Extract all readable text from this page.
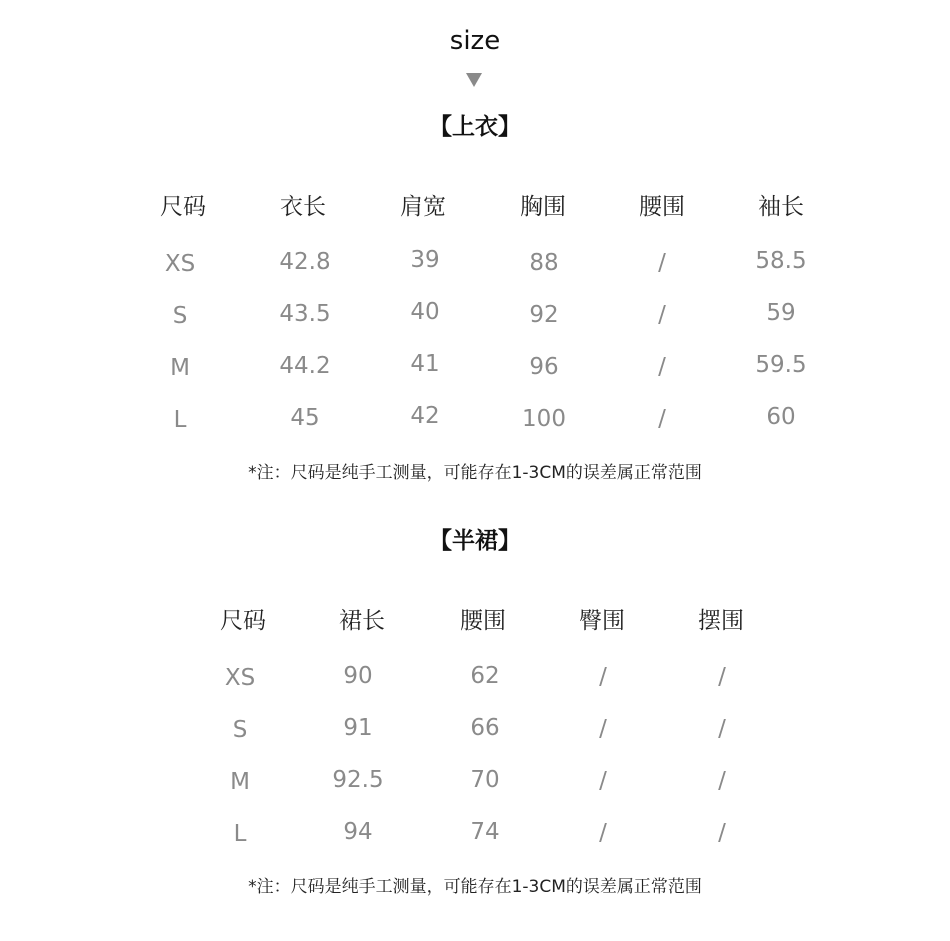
size
【上衣】
尺码	衣长	肩宽	胸围	腰围	袖长
XS	42.8	39	88	/	58.5
S	43.5	40	92	/	59
M	44.2	41	96	/	59.5
L	45	42	100	/	60
*注：尺码是纯手工测量，可能存在1-3CM的误差属正常范围
【半裙】
尺码	裙长	腰围	臀围	摆围
XS	90	62	/	/
S	91	66	/	/
M	92.5	70	/	/
L	94	74	/	/
*注：尺码是纯手工测量，可能存在1-3CM的误差属正常范围
